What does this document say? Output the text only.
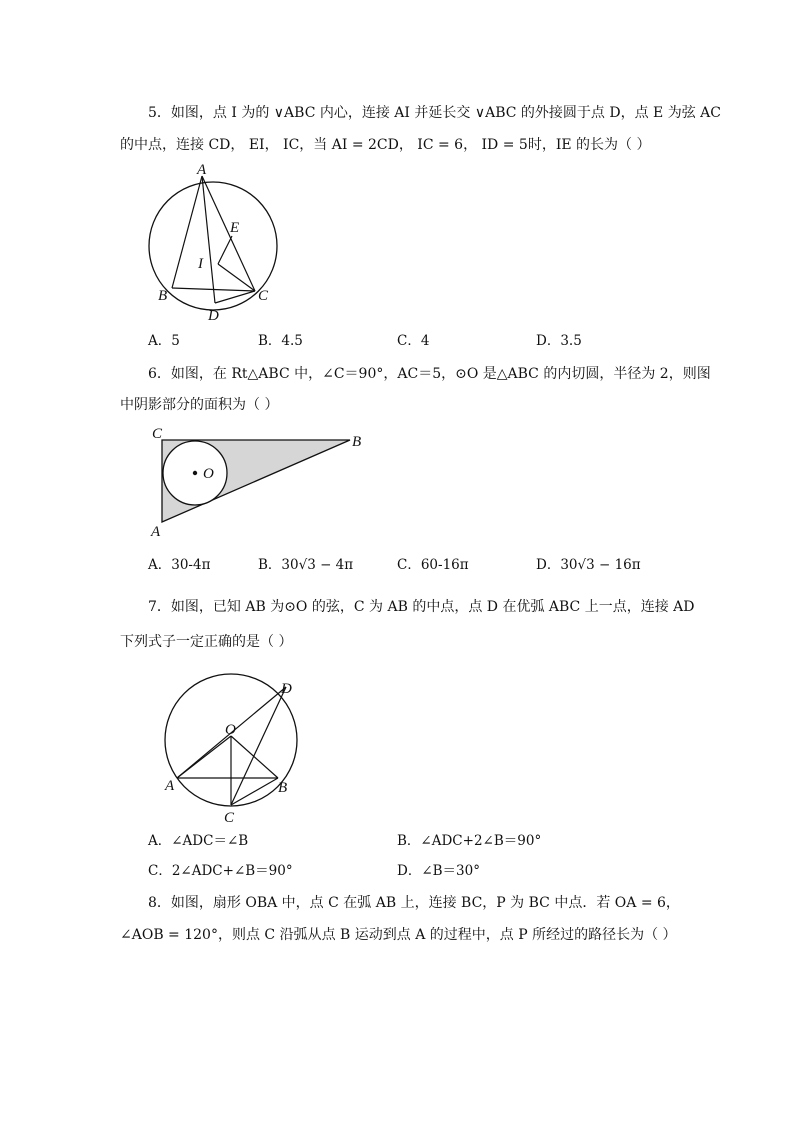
5．如图，点 I 为的 ∨ABC 内心，连接 AI 并延长交 ∨ABC 的外接圆于点 D，点 E 为弦 AC
的中点，连接 CD， EI， IC，当 AI = 2CD， IC = 6， ID = 5时，IE 的长为（ ）
A
B	C
D
E
I
A．5	B．4.5	C．4	D．3.5
6．如图，在 Rt△ABC 中，∠C＝90°，AC＝5，⊙O 是△ABC 的内切圆，半径为 2，则图
中阴影部分的面积为（ ）
C	B
A
O
A．30-4π	B．30√3 − 4π	C．60-16π	D．30√3 − 16π
7．如图，已知 AB 为⊙O 的弦，C 为 AB 的中点，点 D 在优弧 ABC 上一点，连接 AD
下列式子一定正确的是（ ）
D
O
A	B
C
A．∠ADC＝∠B	B．∠ADC+2∠B＝90°
C．2∠ADC+∠B＝90°	D．∠B＝30°
8．如图，扇形 OBA 中，点 C 在弧 AB 上，连接 BC，P 为 BC 中点．若 OA = 6，
∠AOB = 120°，则点 C 沿弧从点 B 运动到点 A 的过程中，点 P 所经过的路径长为（ ）
